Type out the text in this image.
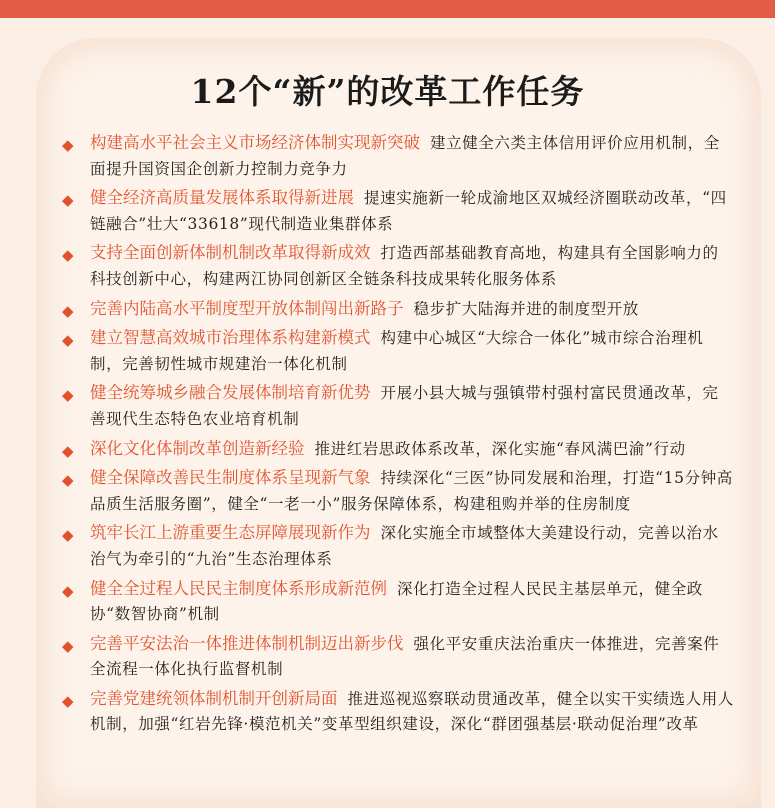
12个“新”的改革工作任务
◆ 构建高水平社会主义市场经济体制实现新突破 建立健全六类主体信用评价应用机制，全面提升国资国企创新力控制力竞争力
◆ 健全经济高质量发展体系取得新进展 提速实施新一轮成渝地区双城经济圈联动改革，“四链融合”壮大“33618”现代制造业集群体系
◆ 支持全面创新体制机制改革取得新成效 打造西部基础教育高地，构建具有全国影响力的科技创新中心，构建两江协同创新区全链条科技成果转化服务体系
◆ 完善内陆高水平制度型开放体制闯出新路子 稳步扩大陆海并进的制度型开放
◆ 建立智慧高效城市治理体系构建新模式 构建中心城区“大综合一体化”城市综合治理机制，完善韧性城市规建治一体化机制
◆ 健全统筹城乡融合发展体制培育新优势 开展小县大城与强镇带村强村富民贯通改革，完善现代生态特色农业培育机制
◆ 深化文化体制改革创造新经验 推进红岩思政体系改革，深化实施“春风满巴渝”行动
◆ 健全保障改善民生制度体系呈现新气象 持续深化“三医”协同发展和治理，打造“15分钟高品质生活服务圈”，健全“一老一小”服务保障体系，构建租购并举的住房制度
◆ 筑牢长江上游重要生态屏障展现新作为 深化实施全市域整体大美建设行动，完善以治水治气为牵引的“九治”生态治理体系
◆ 健全全过程人民民主制度体系形成新范例 深化打造全过程人民民主基层单元，健全政协“数智协商”机制
◆ 完善平安法治一体推进体制机制迈出新步伐 强化平安重庆法治重庆一体推进，完善案件全流程一体化执行监督机制
◆ 完善党建统领体制机制开创新局面 推进巡视巡察联动贯通改革，健全以实干实绩选人用人机制，加强“红岩先锋·模范机关”变革型组织建设，深化“群团强基层·联动促治理”改革
